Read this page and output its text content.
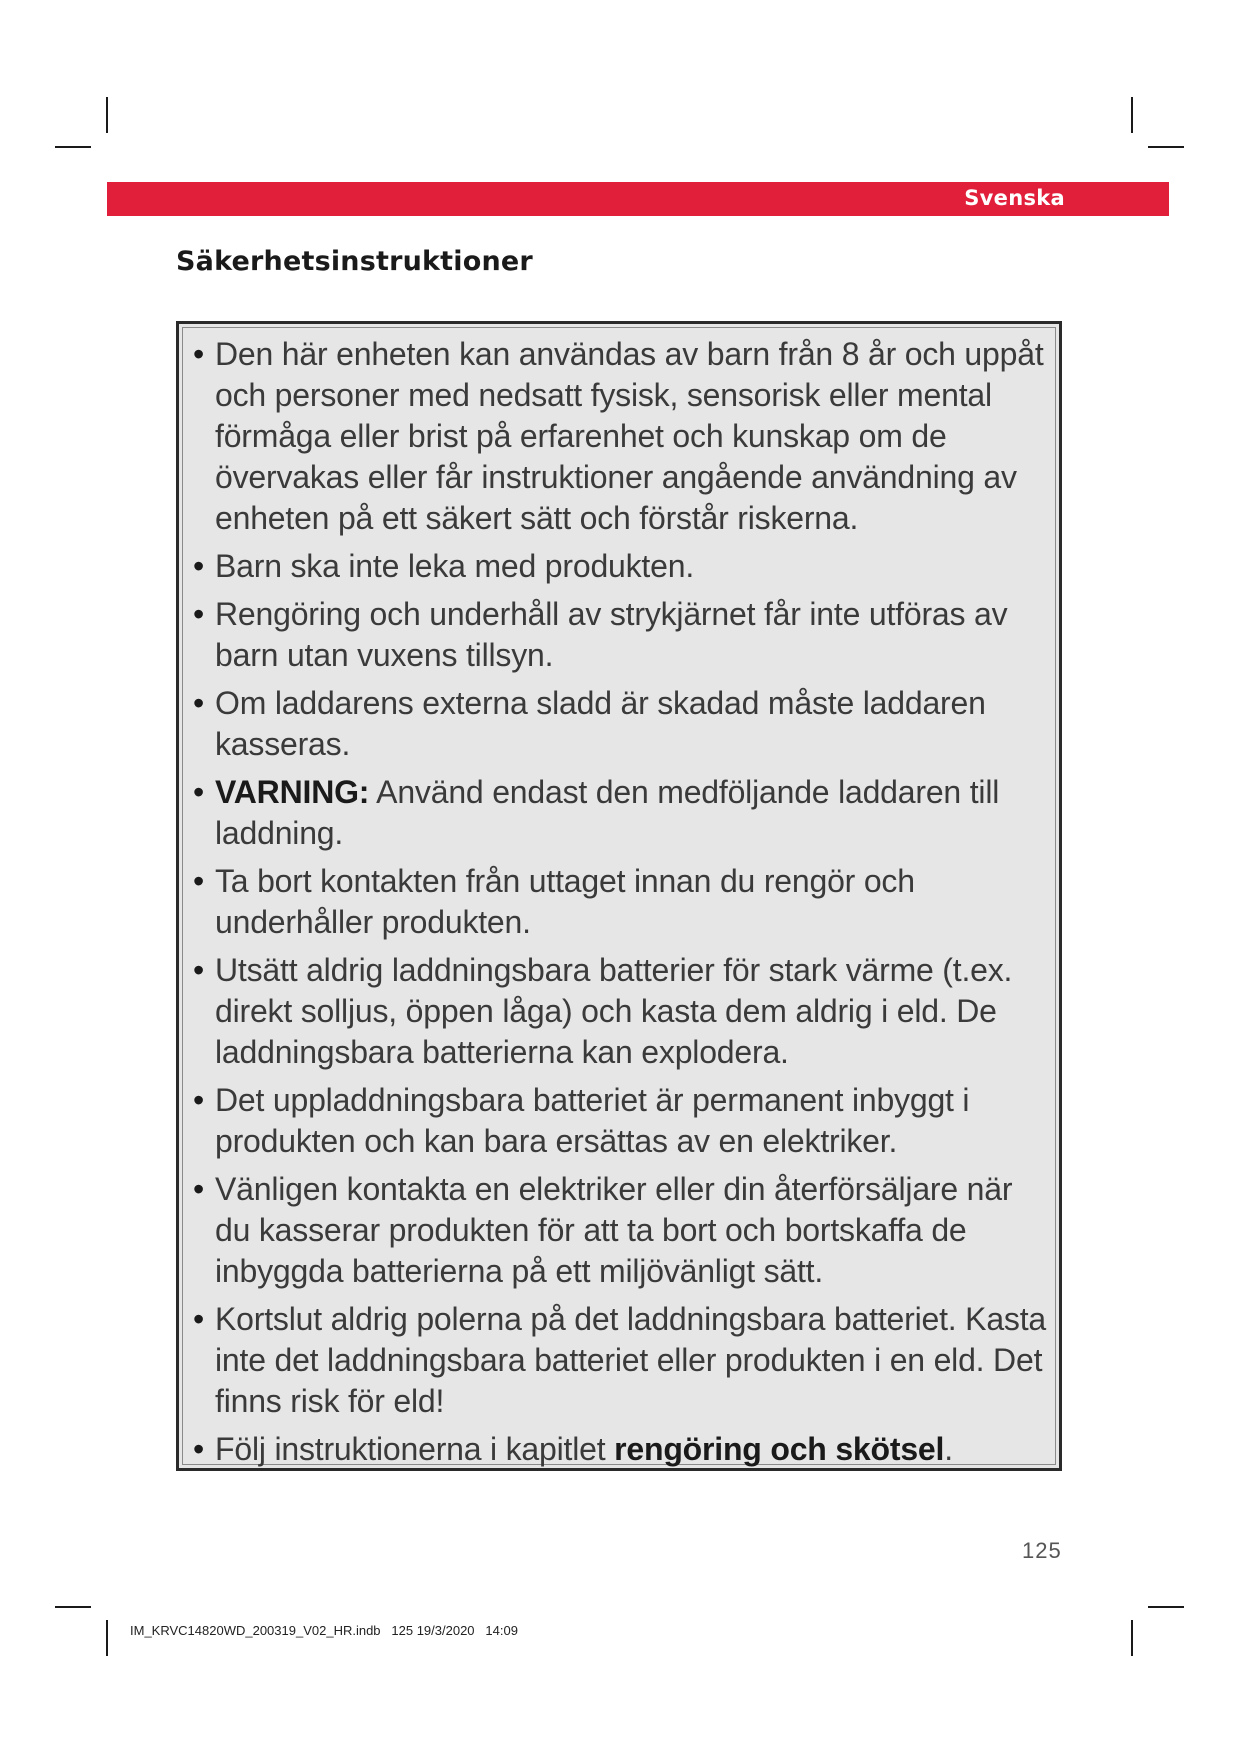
Svenska
Säkerhetsinstruktioner
• Den här enheten kan användas av barn från 8 år och uppåt och personer med nedsatt fysisk, sensorisk eller mental förmåga eller brist på erfarenhet och kunskap om de övervakas eller får instruktioner angående användning av enheten på ett säkert sätt och förstår riskerna.
• Barn ska inte leka med produkten.
• Rengöring och underhåll av strykjärnet får inte utföras av barn utan vuxens tillsyn.
• Om laddarens externa sladd är skadad måste laddaren kasseras.
• VARNING: Använd endast den medföljande laddaren till laddning.
• Ta bort kontakten från uttaget innan du rengör och underhåller produkten.
• Utsätt aldrig laddningsbara batterier för stark värme (t.ex. direkt solljus, öppen låga) och kasta dem aldrig i eld. De laddningsbara batterierna kan explodera.
• Det uppladdningsbara batteriet är permanent inbyggt i produkten och kan bara ersättas av en elektriker.
• Vänligen kontakta en elektriker eller din återförsäljare när du kasserar produkten för att ta bort och bortskaffa de inbyggda batterierna på ett miljövänligt sätt.
• Kortslut aldrig polerna på det laddningsbara batteriet. Kasta inte det laddningsbara batteriet eller produkten i en eld. Det finns risk för eld!
• Följ instruktionerna i kapitlet rengöring och skötsel.
125
IM_KRVC14820WD_200319_V02_HR.indb 125 19/3/2020 14:09
